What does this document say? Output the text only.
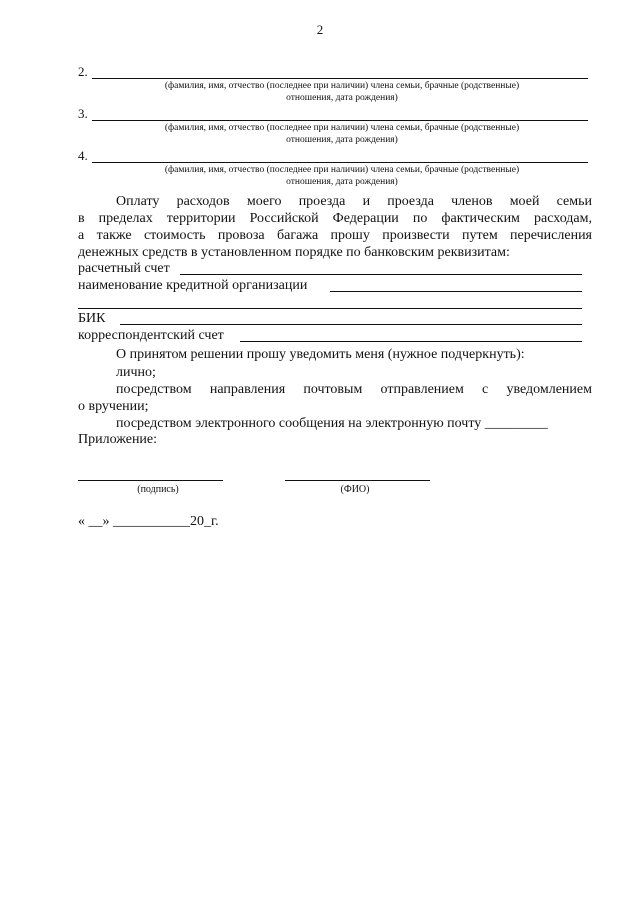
2
2.
(фамилия, имя, отчество (последнее при наличии) члена семьи, брачные (родственные)
отношения, дата рождения)
3.
(фамилия, имя, отчество (последнее при наличии) члена семьи, брачные (родственные)
отношения, дата рождения)
4.
(фамилия, имя, отчество (последнее при наличии) члена семьи, брачные (родственные)
отношения, дата рождения)
Оплату расходов моего проезда и проезда членов моей семьи
в пределах территории Российской Федерации по фактическим расходам,
а также стоимость провоза багажа прошу произвести путем перечисления
денежных средств в установленном порядке по банковским реквизитам:
расчетный счет
наименование кредитной организации
БИК
корреспондентский счет
О принятом решении прошу уведомить меня (нужное подчеркнуть):
лично;
посредством направления почтовым отправлением с уведомлением
о вручении;
посредством электронного сообщения на электронную почту _________
Приложение:
(подпись)	(ФИО)
« __» ___________20_г.
